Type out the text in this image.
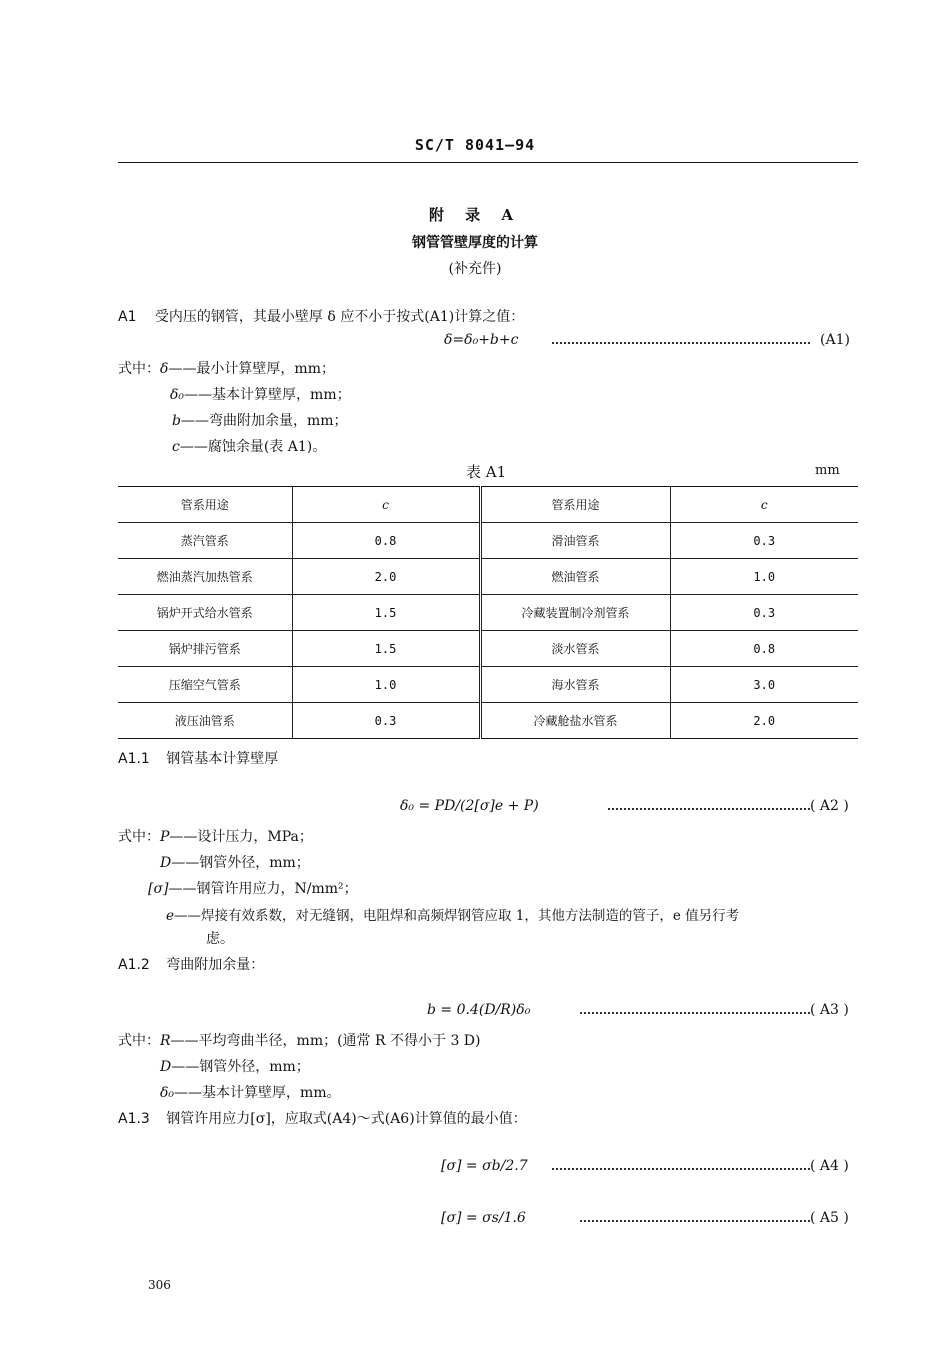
SC/T 8041—94
附 录 A
钢管管壁厚度的计算
(补充件)
A1 受内压的钢管，其最小壁厚 δ 应不小于按式(A1)计算之值：
δ=δ₀+b+c	(A1)
式中：δ——最小计算壁厚，mm；
δ₀——基本计算壁厚，mm；
b——弯曲附加余量，mm；
c——腐蚀余量(表 A1)。
表 A1	mm
管系用途	c	管系用途	c
蒸汽管系	0.8	滑油管系	0.3
燃油蒸汽加热管系	2.0	燃油管系	1.0
锅炉开式给水管系	1.5	冷藏装置制冷剂管系	0.3
锅炉排污管系	1.5	淡水管系	0.8
压缩空气管系	1.0	海水管系	3.0
液压油管系	0.3	冷藏舱盐水管系	2.0
A1.1 钢管基本计算壁厚
δ₀ = PD/(2[σ]e + P)	( A2 )
式中：P——设计压力，MPa；
D——钢管外径，mm；
[σ]——钢管许用应力，N/mm²；
e——焊接有效系数，对无缝钢，电阻焊和高频焊钢管应取 1，其他方法制造的管子，e 值另行考
虑。
A1.2 弯曲附加余量：
b = 0.4(D/R)δ₀	( A3 )
式中：R——平均弯曲半径，mm；(通常 R 不得小于 3 D)
D——钢管外径，mm；
δ₀——基本计算壁厚，mm。
A1.3 钢管许用应力[σ]，应取式(A4)～式(A6)计算值的最小值：
[σ] = σb/2.7	( A4 )
[σ] = σs/1.6	( A5 )
306
